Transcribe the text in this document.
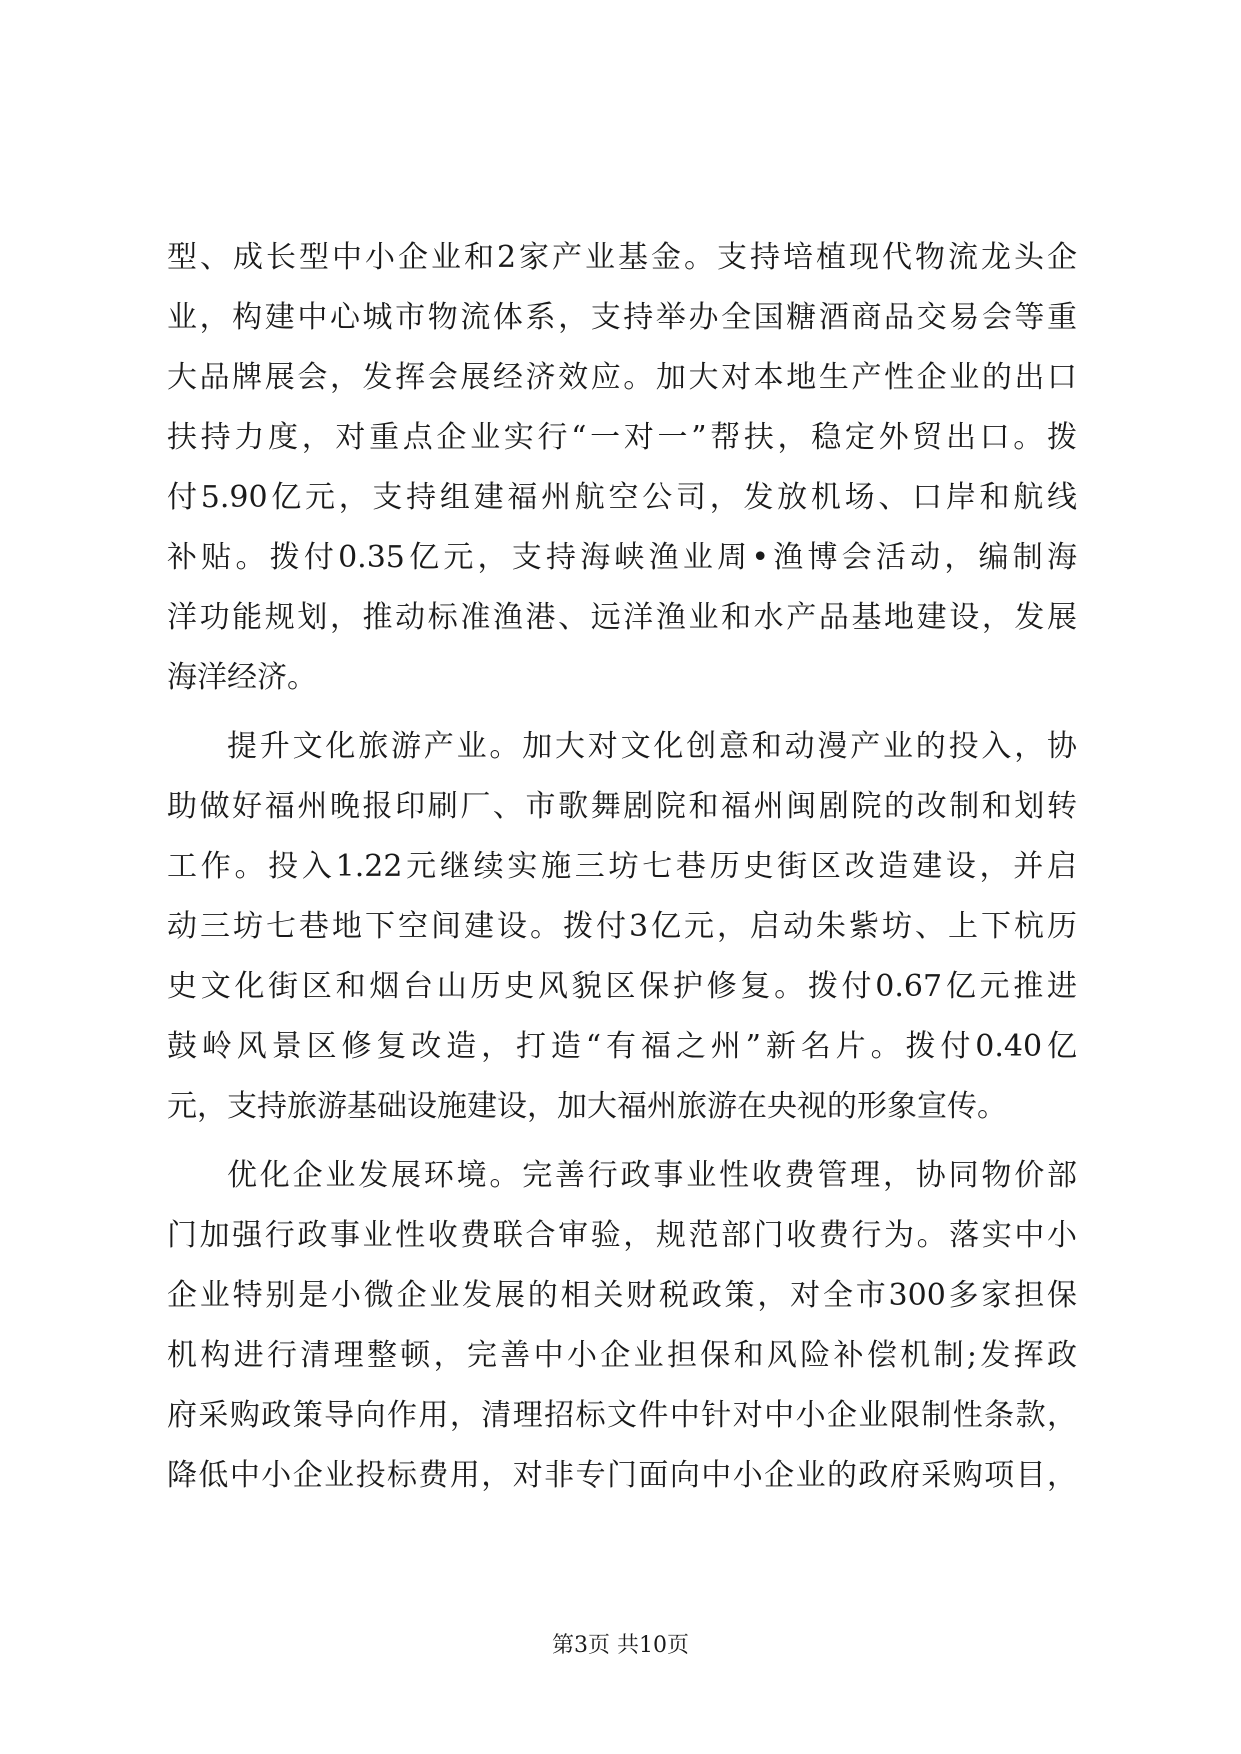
型、成长型中小企业和2家产业基金。支持培植现代物流龙头企
业，构建中心城市物流体系，支持举办全国糖酒商品交易会等重
大品牌展会，发挥会展经济效应。加大对本地生产性企业的出口
扶持力度，对重点企业实行“一对一”帮扶，稳定外贸出口。拨
付5.90亿元，支持组建福州航空公司，发放机场、口岸和航线
补贴。拨付0.35亿元，支持海峡渔业周•渔博会活动，编制海
洋功能规划，推动标准渔港、远洋渔业和水产品基地建设，发展
海洋经济。
提升文化旅游产业。加大对文化创意和动漫产业的投入，协
助做好福州晚报印刷厂、市歌舞剧院和福州闽剧院的改制和划转
工作。投入1.22元继续实施三坊七巷历史街区改造建设，并启
动三坊七巷地下空间建设。拨付3亿元，启动朱紫坊、上下杭历
史文化街区和烟台山历史风貌区保护修复。拨付0.67亿元推进
鼓岭风景区修复改造，打造“有福之州”新名片。拨付0.40亿
元，支持旅游基础设施建设，加大福州旅游在央视的形象宣传。
优化企业发展环境。完善行政事业性收费管理，协同物价部
门加强行政事业性收费联合审验，规范部门收费行为。落实中小
企业特别是小微企业发展的相关财税政策，对全市300多家担保
机构进行清理整顿，完善中小企业担保和风险补偿机制;发挥政
府采购政策导向作用，清理招标文件中针对中小企业限制性条款，
降低中小企业投标费用，对非专门面向中小企业的政府采购项目，
第3页 共10页
